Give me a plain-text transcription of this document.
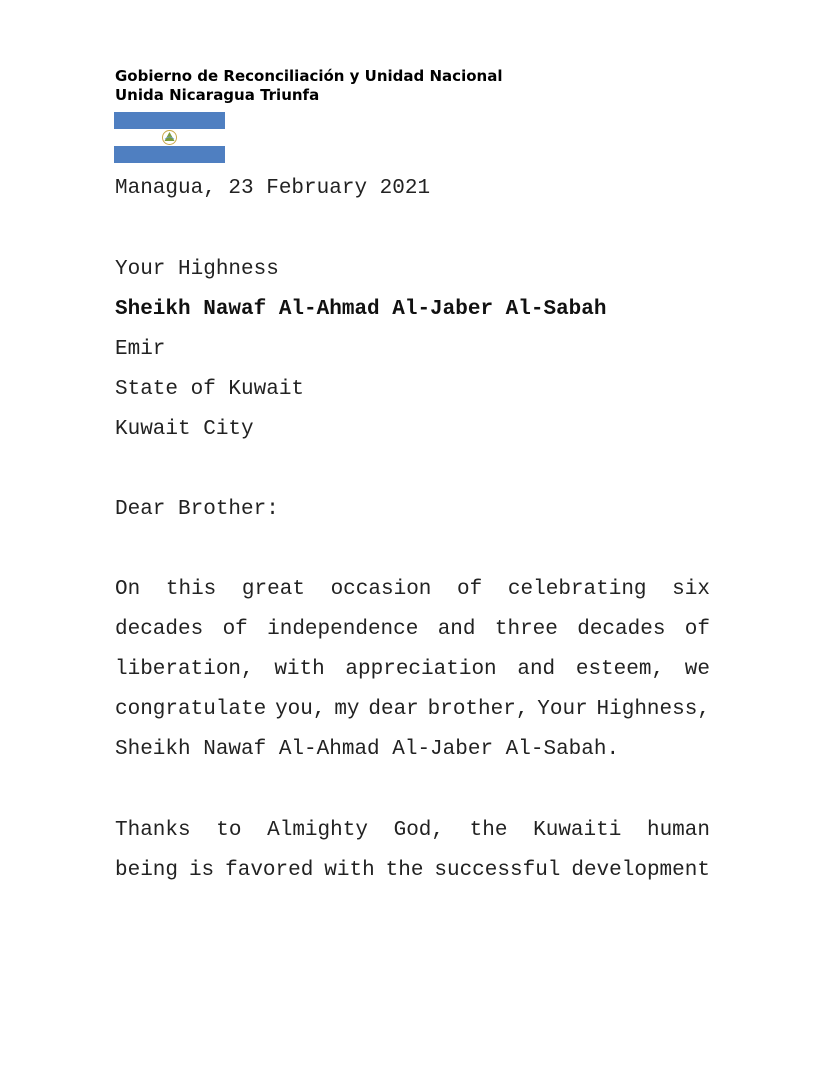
Gobierno de Reconciliación y Unidad Nacional
Unida Nicaragua Triunfa
Managua, 23 February 2021
Your Highness
Sheikh Nawaf Al-Ahmad Al-Jaber Al-Sabah
Emir
State of Kuwait
Kuwait City
Dear Brother:
On this great occasion of celebrating six
decades of independence and three decades of
liberation, with appreciation and esteem, we
congratulate you, my dear brother, Your Highness,
Sheikh Nawaf Al-Ahmad Al-Jaber Al-Sabah.
Thanks to Almighty God, the Kuwaiti human
being is favored with the successful development
